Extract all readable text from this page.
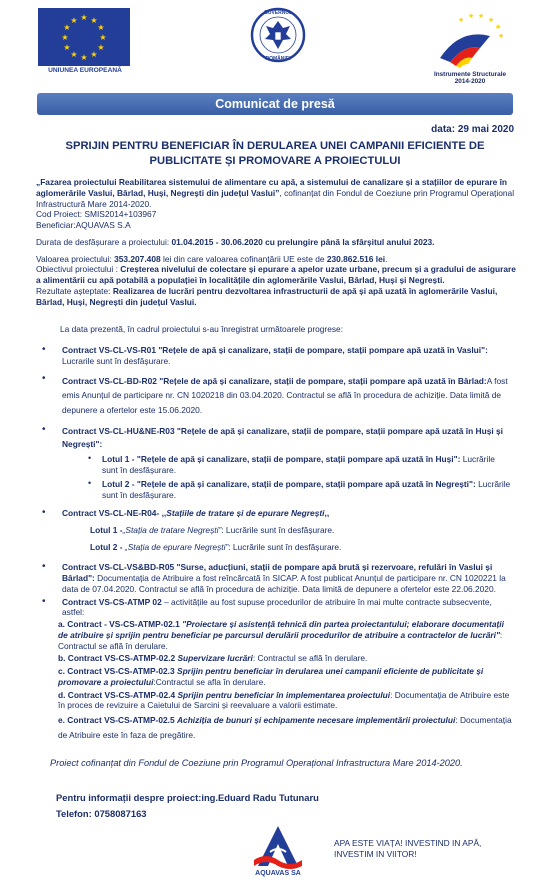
★ ★
★
★
★
★
★
★
★
★
★
★
UNIUNEA EUROPEANĂ
GUVERNUL
ROMÂNIEI
★ ★ ★ ★
★
★
Instrumente Structurale
2014-2020
Comunicat de presă
data: 29 mai 2020
SPRIJIN PENTRU BENEFICIAR ÎN DERULAREA UNEI CAMPANII EFICIENTE DE PUBLICITATE ȘI PROMOVARE A PROIECTULUI

„Fazarea proiectului Reabilitarea sistemului de alimentare cu apă, a sistemului de canalizare și a stațiilor de epurare în aglomerările Vaslui, Bârlad, Huși, Negrești din județul Vaslui”, cofinanțat din Fondul de Coeziune prin Programul Operațional Infrastructură Mare 2014-2020.

Cod Proiect: SMIS2014+103967

Beneficiar:AQUAVAS S.A

Durata de desfășurare a proiectului: 01.04.2015 - 30.06.2020 cu prelungire până la sfârșitul anului 2023.

Valoarea proiectului: 353.207.408 lei din care valoarea cofinanțării UE este de 230.862.516 lei.

Obiectivul proiectului : Creșterea nivelului de colectare și epurare a apelor uzate urbane, precum și a gradului de asigurare a alimentării cu apă potabilă a populației în localitățile din aglomerările Vaslui, Bârlad, Huși și Negrești.

Rezultate așteptate: Realizarea de lucrări pentru dezvoltarea infrastructurii de apă și apă uzată în aglomerările Vaslui, Bârlad, Huși, Negrești din județul Vaslui.

La data prezentă, în cadrul proiectului s-au înregistrat următoarele progrese:
• Contract VS-CL-VS-R01 "Rețele de apă și canalizare, stații de pompare, stații pompare apă uzată în Vaslui": Lucrarile sunt în desfășurare.
• Contract VS-CL-BD-R02 "Rețele de apă și canalizare, stații de pompare, stații pompare apă uzată în Bârlad:A fost emis Anunțul de participare nr. CN 1020218 din 03.04.2020. Contractul se află în procedura de achiziție. Data limită de depunere a ofertelor este 15.06.2020.
• Contract VS-CL-HU&NE-R03 "Rețele de apă și canalizare, stații de pompare, stații pompare apă uzată în Huși și Negrești":
• Lotul 1 - "Rețele de apă și canalizare, stații de pompare, stații pompare apă uzată în Huși": Lucrările sunt în desfășurare.
• Lotul 2 - "Rețele de apă și canalizare, stații de pompare, stații pompare apă uzată în Negrești": Lucrările sunt în desfășurare.
• Contract VS-CL-NE-R04- ,,Stațiile de tratare și de epurare Negrești,,
Lotul 1 -„Stația de tratare Negrești”: Lucrările sunt în desfășurare.
Lotul 2 - „Stația de epurare Negrești”: Lucrările sunt în desfășurare.
• Contract VS-CL-VS&BD-R05 "Surse, aducțiuni, stații de pompare apă brută și rezervoare, refulări în Vaslui și Bârlad": Documentația de Atribuire a fost reîncărcată în SICAP. A fost publicat Anunțul de participare nr. CN 1020221 la data de 07.04.2020. Contractul se află în procedura de achiziție. Data limită de depunere a ofertelor este 22.06.2020.
• Contract VS-CS-ATMP 02 – activitățile au fost supuse procedurilor de atribuire în mai multe contracte subsecvente, astfel:
a. Contract - VS-CS-ATMP-02.1 "Proiectare și asistență tehnică din partea proiectantului; elaborare documentații de atribuire și sprijin pentru beneficiar pe parcursul derulării procedurilor de atribuire a contractelor de lucrări": Contractul se află în derulare.
b. Contract VS-CS-ATMP-02.2 Supervizare lucrări: Contractul se află în derulare.
c. Contract VS-CS-ATMP-02.3 Sprijin pentru beneficiar în derularea unei campanii eficiente de publicitate și promovare a proiectului:Contractul se afla în derulare.
d. Contract VS-CS-ATMP-02.4 Sprijin pentru beneficiar în implementarea proiectului: Documentația de Atribuire este în proces de revizuire a Caietului de Sarcini și reevaluare a valorii estimate.
e. Contract VS-CS-ATMP-02.5 Achiziția de bunuri și echipamente necesare implementării proiectului: Documentația de Atribuire este în faza de pregătire.
Proiect cofinanțat din Fondul de Coeziune prin Programul Operațional Infrastructura Mare 2014-2020.
Pentru informații despre proiect:ing.Eduard Radu Tutunaru
Telefon: 0758087163
AQUAVAS SA
APA ESTE VIAȚA! INVESTIND IN APĂ, INVESTIM IN VIITOR!
